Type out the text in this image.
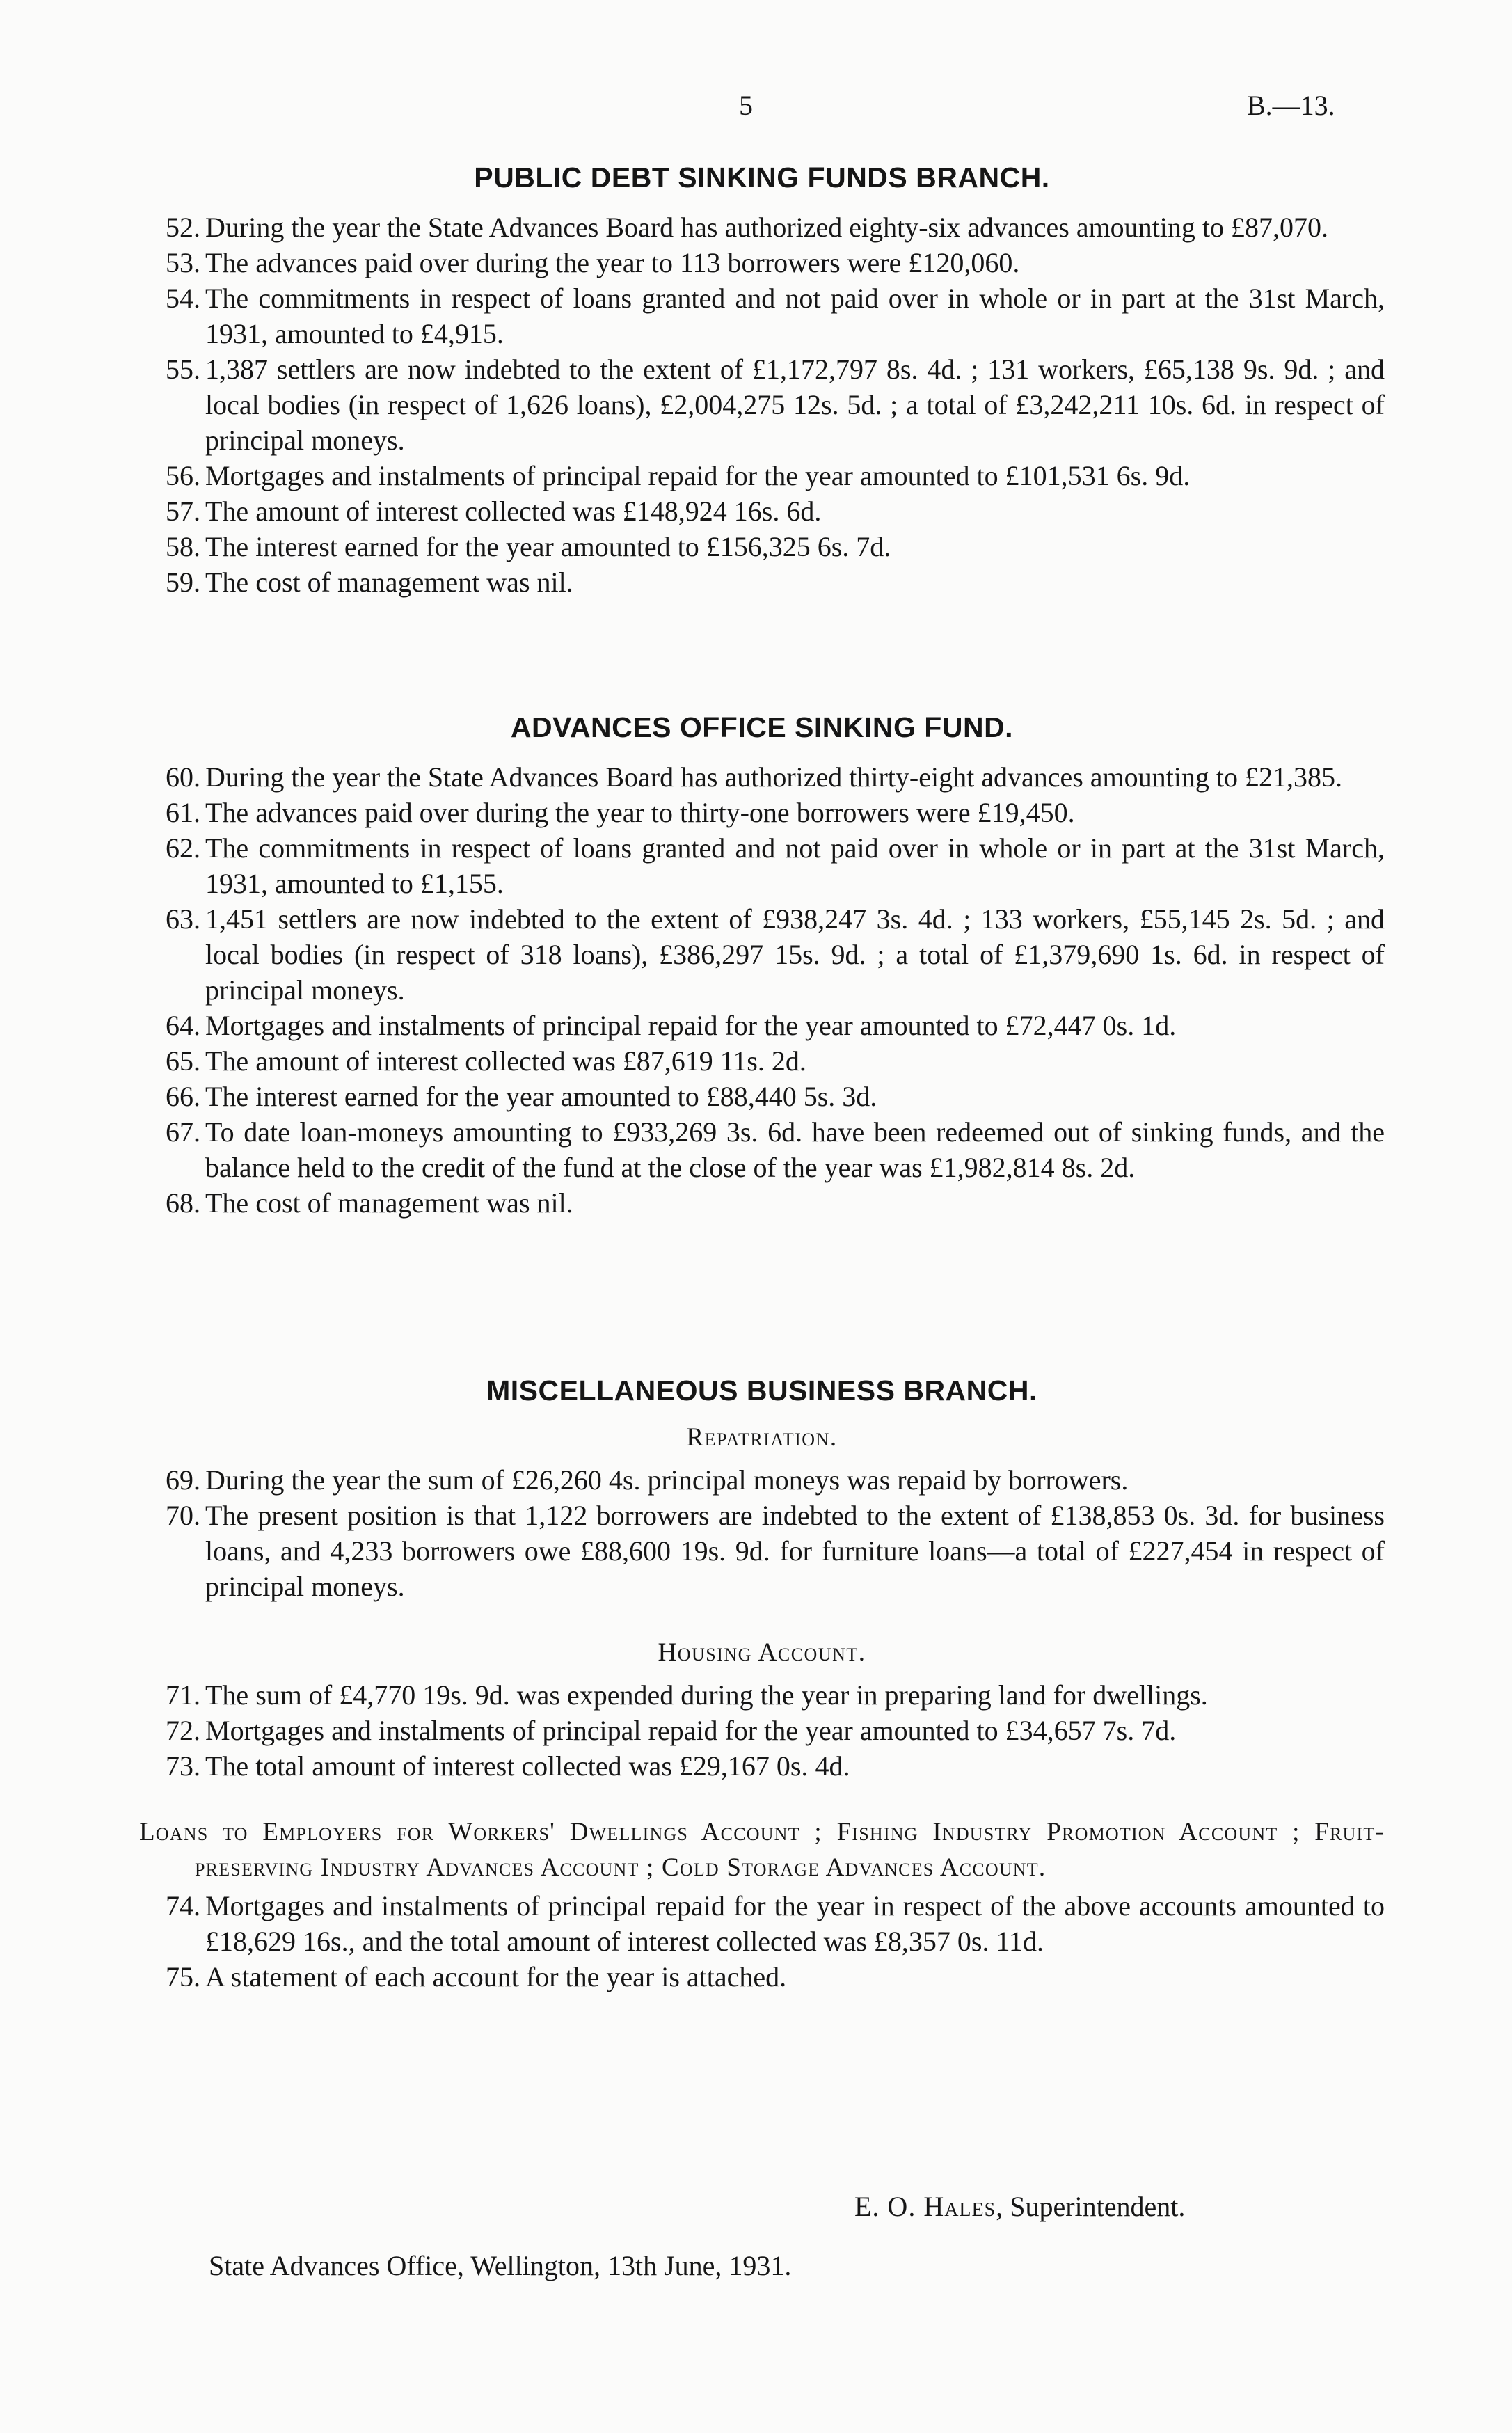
5	B.—13.
PUBLIC DEBT SINKING FUNDS BRANCH.
52. During the year the State Advances Board has authorized eighty-six advances amounting to £87,070.
53. The advances paid over during the year to 113 borrowers were £120,060.
54. The commitments in respect of loans granted and not paid over in whole or in part at the 31st March, 1931, amounted to £4,915.
55. 1,387 settlers are now indebted to the extent of £1,172,797 8s. 4d. ; 131 workers, £65,138 9s. 9d. ; and local bodies (in respect of 1,626 loans), £2,004,275 12s. 5d. ; a total of £3,242,211 10s. 6d. in respect of principal moneys.
56. Mortgages and instalments of principal repaid for the year amounted to £101,531 6s. 9d.
57. The amount of interest collected was £148,924 16s. 6d.
58. The interest earned for the year amounted to £156,325 6s. 7d.
59. The cost of management was nil.
ADVANCES OFFICE SINKING FUND.
60. During the year the State Advances Board has authorized thirty-eight advances amounting to £21,385.
61. The advances paid over during the year to thirty-one borrowers were £19,450.
62. The commitments in respect of loans granted and not paid over in whole or in part at the 31st March, 1931, amounted to £1,155.
63. 1,451 settlers are now indebted to the extent of £938,247 3s. 4d. ; 133 workers, £55,145 2s. 5d. ; and local bodies (in respect of 318 loans), £386,297 15s. 9d. ; a total of £1,379,690 1s. 6d. in respect of principal moneys.
64. Mortgages and instalments of principal repaid for the year amounted to £72,447 0s. 1d.
65. The amount of interest collected was £87,619 11s. 2d.
66. The interest earned for the year amounted to £88,440 5s. 3d.
67. To date loan-moneys amounting to £933,269 3s. 6d. have been redeemed out of sinking funds, and the balance held to the credit of the fund at the close of the year was £1,982,814 8s. 2d.
68. The cost of management was nil.
MISCELLANEOUS BUSINESS BRANCH.
Repatriation.
69. During the year the sum of £26,260 4s. principal moneys was repaid by borrowers.
70. The present position is that 1,122 borrowers are indebted to the extent of £138,853 0s. 3d. for business loans, and 4,233 borrowers owe £88,600 19s. 9d. for furniture loans—a total of £227,454 in respect of principal moneys.
Housing Account.
71. The sum of £4,770 19s. 9d. was expended during the year in preparing land for dwellings.
72. Mortgages and instalments of principal repaid for the year amounted to £34,657 7s. 7d.
73. The total amount of interest collected was £29,167 0s. 4d.
Loans to Employers for Workers' Dwellings Account ; Fishing Industry Promotion Account ; Fruit-preserving Industry Advances Account ; Cold Storage Advances Account.
74. Mortgages and instalments of principal repaid for the year in respect of the above accounts amounted to £18,629 16s., and the total amount of interest collected was £8,357 0s. 11d.
75. A statement of each account for the year is attached.
E. O. Hales, Superintendent.
State Advances Office, Wellington, 13th June, 1931.
